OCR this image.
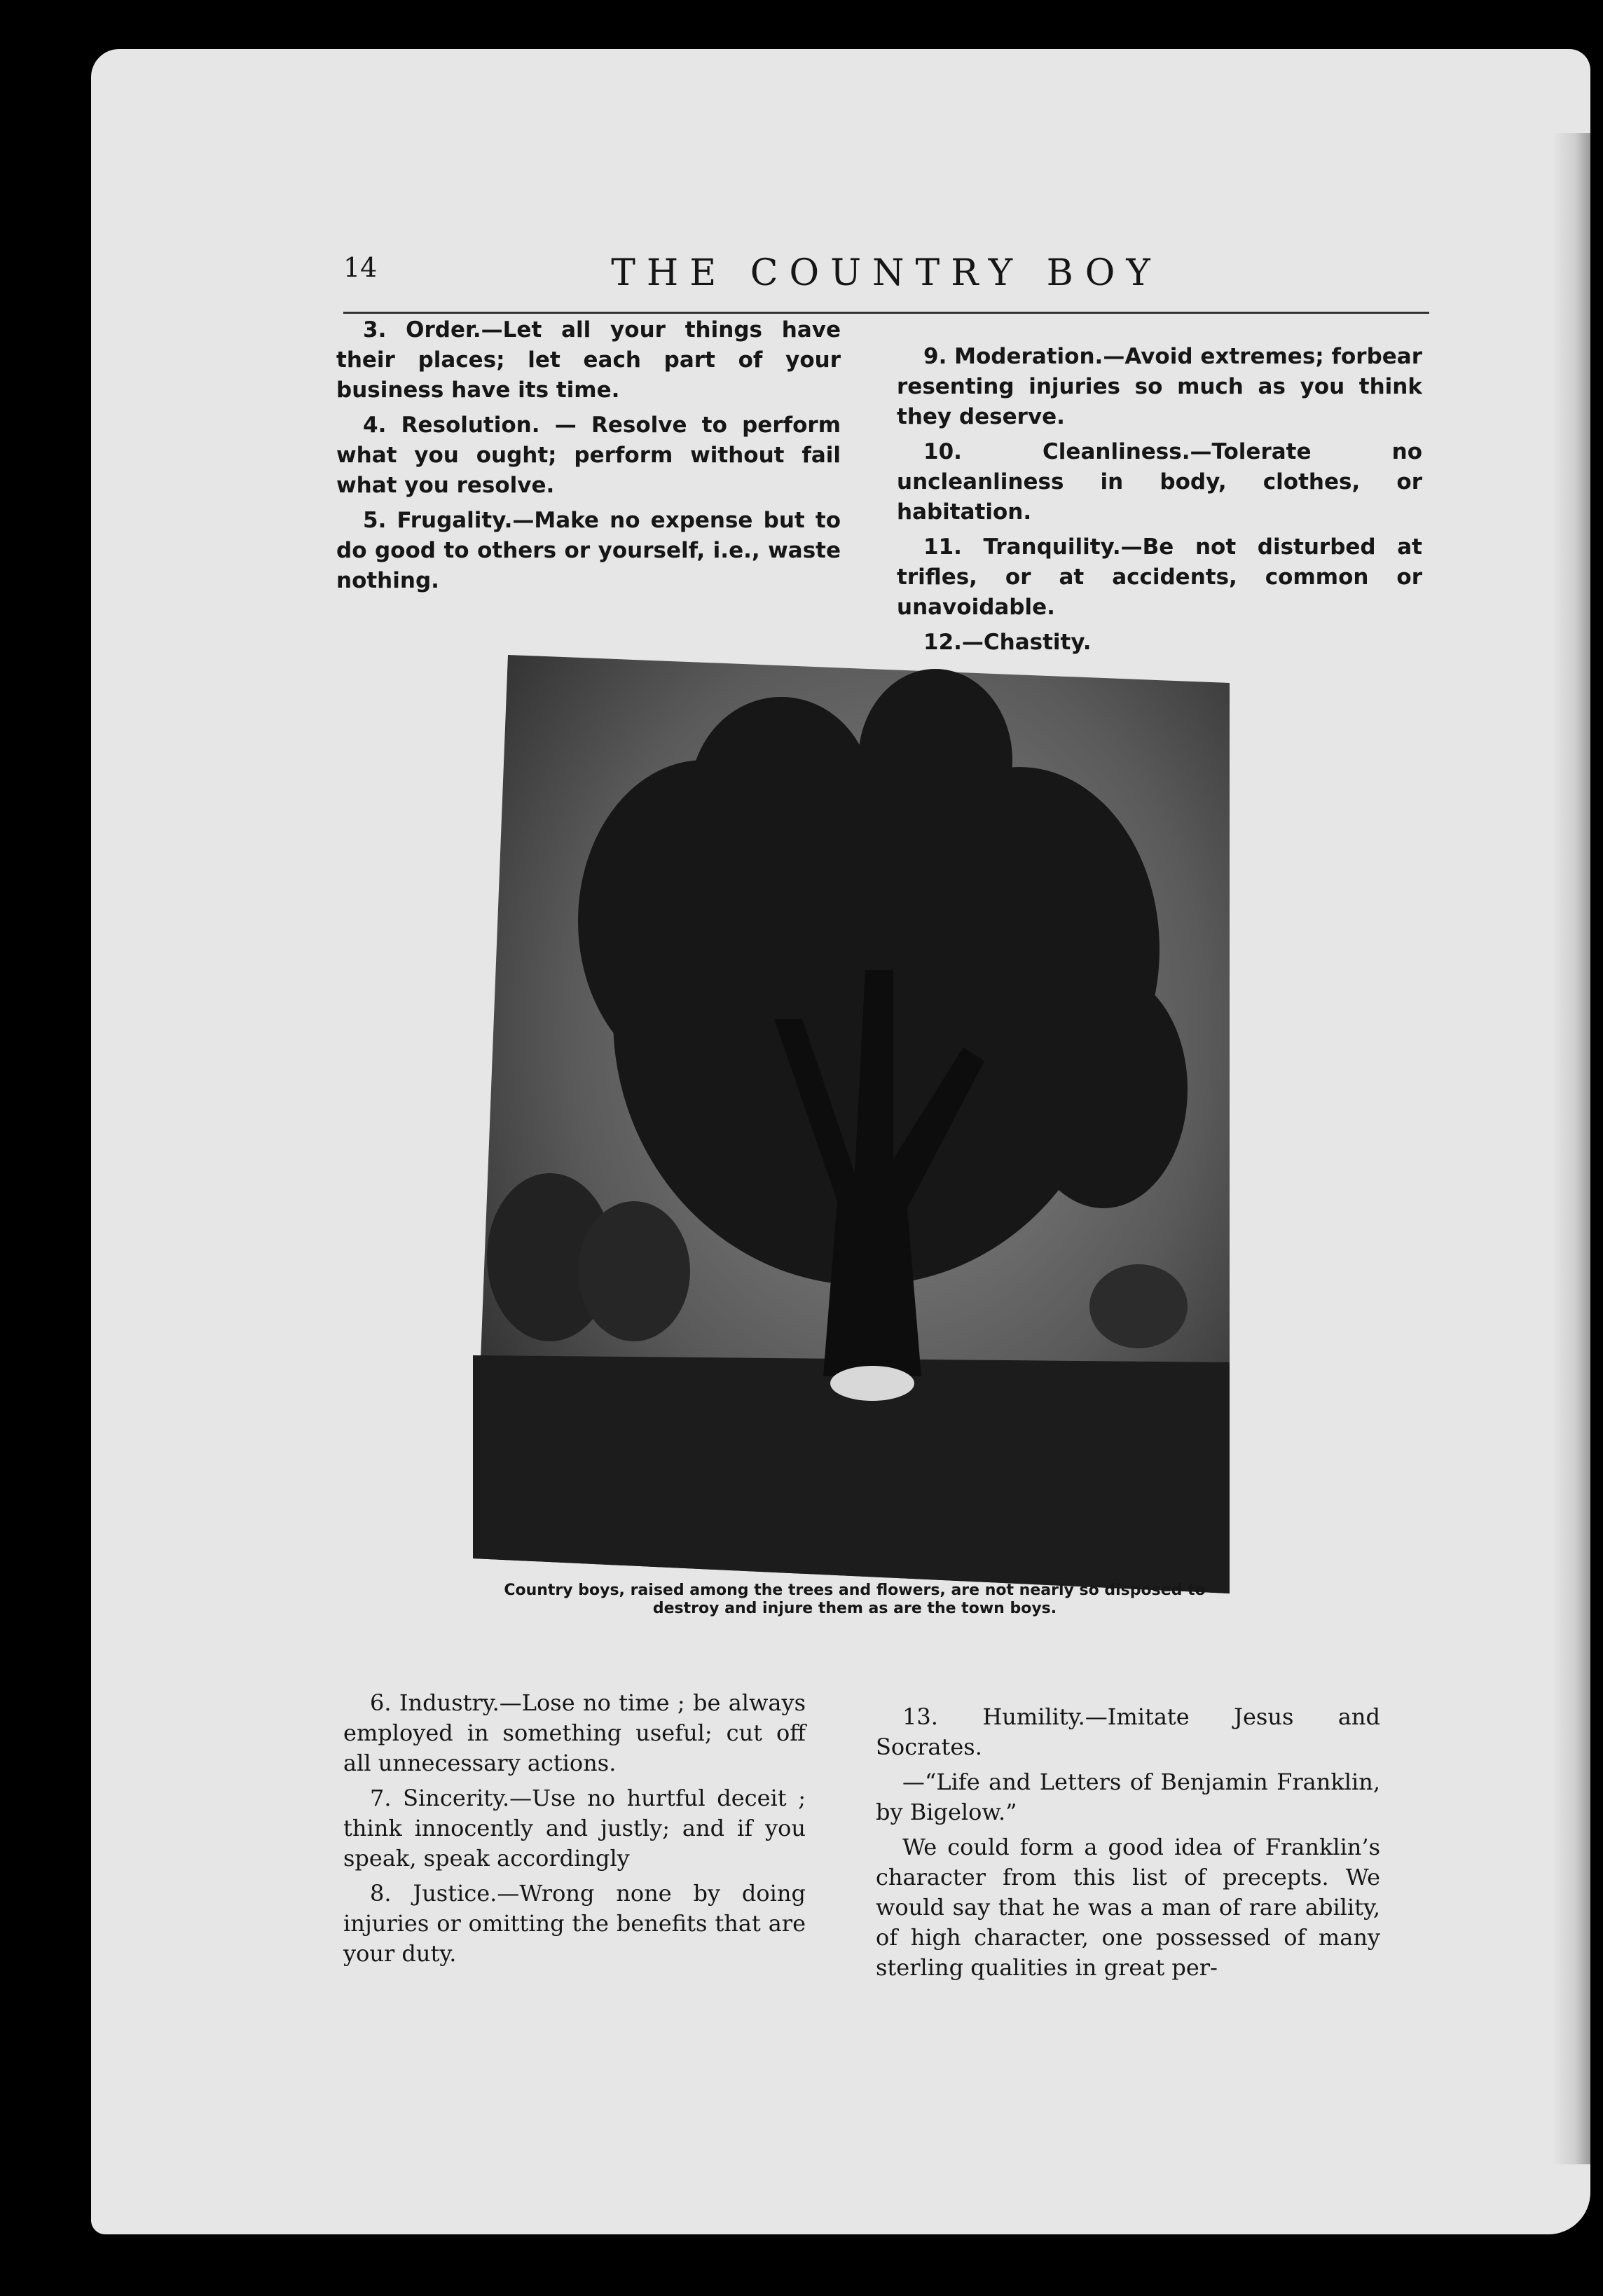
14	THE COUNTRY BOY

3. Order.—Let all your things have their places; let each part of your business have its time.

4. Resolution. — Resolve to perform what you ought; perform without fail what you resolve.

5. Frugality.—Make no expense but to do good to others or yourself, i.e., waste nothing.

9. Moderation.—Avoid extremes; forbear resenting injuries so much as you think they deserve.

10. Cleanliness.—Tolerate no uncleanliness in body, clothes, or habitation.

11. Tranquility.—Be not disturbed at trifles, or at accidents, common or unavoidable.

12.—Chastity.

Country boys, raised among the trees and flowers, are not nearly so disposed to destroy and injure them as are the town boys.

6. Industry.—Lose no time ; be always employed in something useful; cut off all unnecessary actions.

7. Sincerity.—Use no hurtful deceit ; think innocently and justly; and if you speak, speak accordingly

8. Justice.—Wrong none by doing injuries or omitting the benefits that are your duty.

13. Humility.—Imitate Jesus and Socrates.

—“Life and Letters of Benjamin Franklin, by Bigelow.”

We could form a good idea of Franklin’s character from this list of precepts. We would say that he was a man of rare ability, of high character, one possessed of many sterling qualities in great per-
